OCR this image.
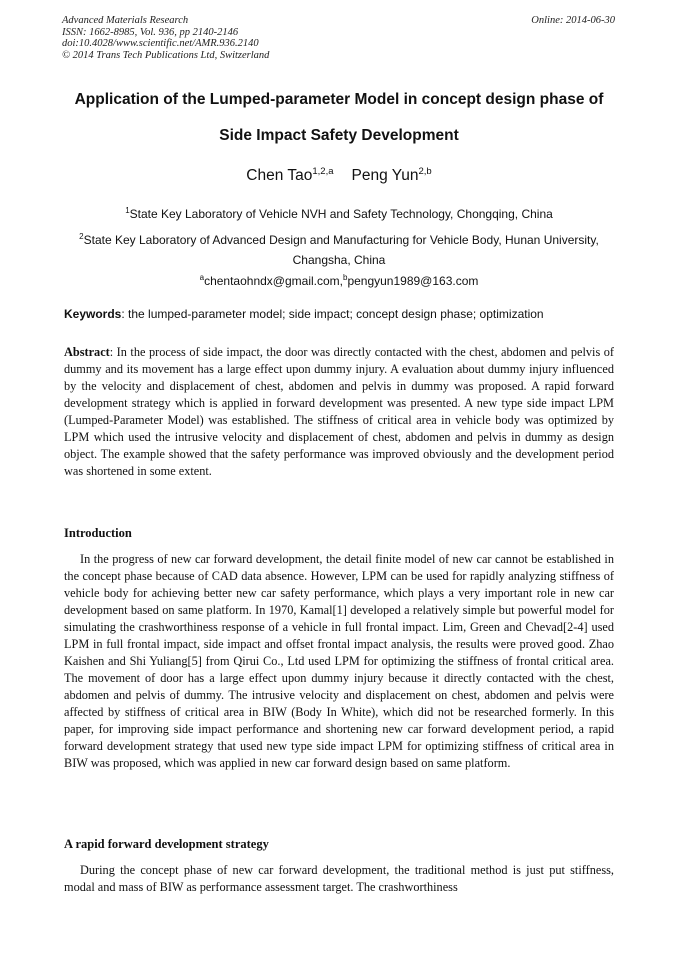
Advanced Materials Research
ISSN: 1662-8985, Vol. 936, pp 2140-2146
doi:10.4028/www.scientific.net/AMR.936.2140
© 2014 Trans Tech Publications Ltd, Switzerland
Online: 2014-06-30
Application of the Lumped-parameter Model in concept design phase of
Side Impact Safety Development
Chen Tao$^{1,2,a}$ Peng Yun$^{2,b}$
$^1$State Key Laboratory of Vehicle NVH and Safety Technology, Chongqing, China
$^2$State Key Laboratory of Advanced Design and Manufacturing for Vehicle Body, Hunan University,
Changsha, China
$^a$chentaohndx@gmail.com,$^b$pengyun1989@163.com
Keywords: the lumped-parameter model; side impact; concept design phase; optimization
Abstract: In the process of side impact, the door was directly contacted with the chest, abdomen and pelvis of dummy and its movement has a large effect upon dummy injury. A evaluation about dummy injury influenced by the velocity and displacement of chest, abdomen and pelvis in dummy was proposed. A rapid forward development strategy which is applied in forward development was presented. A new type side impact LPM (Lumped-Parameter Model) was established. The stiffness of critical area in vehicle body was optimized by LPM which used the intrusive velocity and displacement of chest, abdomen and pelvis in dummy as design object. The example showed that the safety performance was improved obviously and the development period was shortened in some extent.
Introduction
In the progress of new car forward development, the detail finite model of new car cannot be established in the concept phase because of CAD data absence. However, LPM can be used for rapidly analyzing stiffness of vehicle body for achieving better new car safety performance, which plays a very important role in new car development based on same platform. In 1970, Kamal[1] developed a relatively simple but powerful model for simulating the crashworthiness response of a vehicle in full frontal impact. Lim, Green and Chevad[2-4] used LPM in full frontal impact, side impact and offset frontal impact analysis, the results were proved good. Zhao Kaishen and Shi Yuliang[5] from Qirui Co., Ltd used LPM for optimizing the stiffness of frontal critical area. The movement of door has a large effect upon dummy injury because it directly contacted with the chest, abdomen and pelvis of dummy. The intrusive velocity and displacement on chest, abdomen and pelvis were affected by stiffness of critical area in BIW (Body In White), which did not be researched formerly. In this paper, for improving side impact performance and shortening new car forward development period, a rapid forward development strategy that used new type side impact LPM for optimizing stiffness of critical area in BIW was proposed, which was applied in new car forward design based on same platform.
A rapid forward development strategy
During the concept phase of new car forward development, the traditional method is just put stiffness, modal and mass of BIW as performance assessment target. The crashworthiness
